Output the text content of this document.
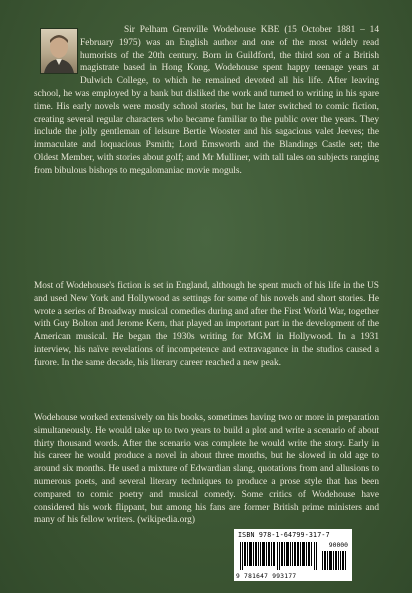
Sir Pelham Grenville Wodehouse KBE (15 October 1881 – 14 February 1975) was an English author and one of the most widely read humorists of the 20th century. Born in Guildford, the third son of a British magistrate based in Hong Kong, Wodehouse spent happy teenage years at Dulwich College, to which he remained devoted all his life. After leaving school, he was employed by a bank but disliked the work and turned to writing in his spare time. His early novels were mostly school stories, but he later switched to comic fiction, creating several regular characters who became familiar to the public over the years. They include the jolly gentleman of leisure Bertie Wooster and his sagacious valet Jeeves; the immaculate and loquacious Psmith; Lord Emsworth and the Blandings Castle set; the Oldest Member, with stories about golf; and Mr Mulliner, with tall tales on subjects ranging from bibulous bishops to megalomaniac movie moguls.

Most of Wodehouse's fiction is set in England, although he spent much of his life in the US and used New York and Hollywood as settings for some of his novels and short stories. He wrote a series of Broadway musical comedies during and after the First World War, together with Guy Bolton and Jerome Kern, that played an important part in the development of the American musical. He began the 1930s writing for MGM in Hollywood. In a 1931 interview, his naïve revelations of incompetence and extravagance in the studios caused a furore. In the same decade, his literary career reached a new peak.

Wodehouse worked extensively on his books, sometimes having two or more in preparation simultaneously. He would take up to two years to build a plot and write a scenario of about thirty thousand words. After the scenario was complete he would write the story. Early in his career he would produce a novel in about three months, but he slowed in old age to around six months. He used a mixture of Edwardian slang, quotations from and allusions to numerous poets, and several literary techniques to produce a prose style that has been compared to comic poetry and musical comedy. Some critics of Wodehouse have considered his work flippant, but among his fans are former British prime ministers and many of his fellow writers. (wikipedia.org)

ISBN 978-1-64799-317-7
90000
9 781647 993177
